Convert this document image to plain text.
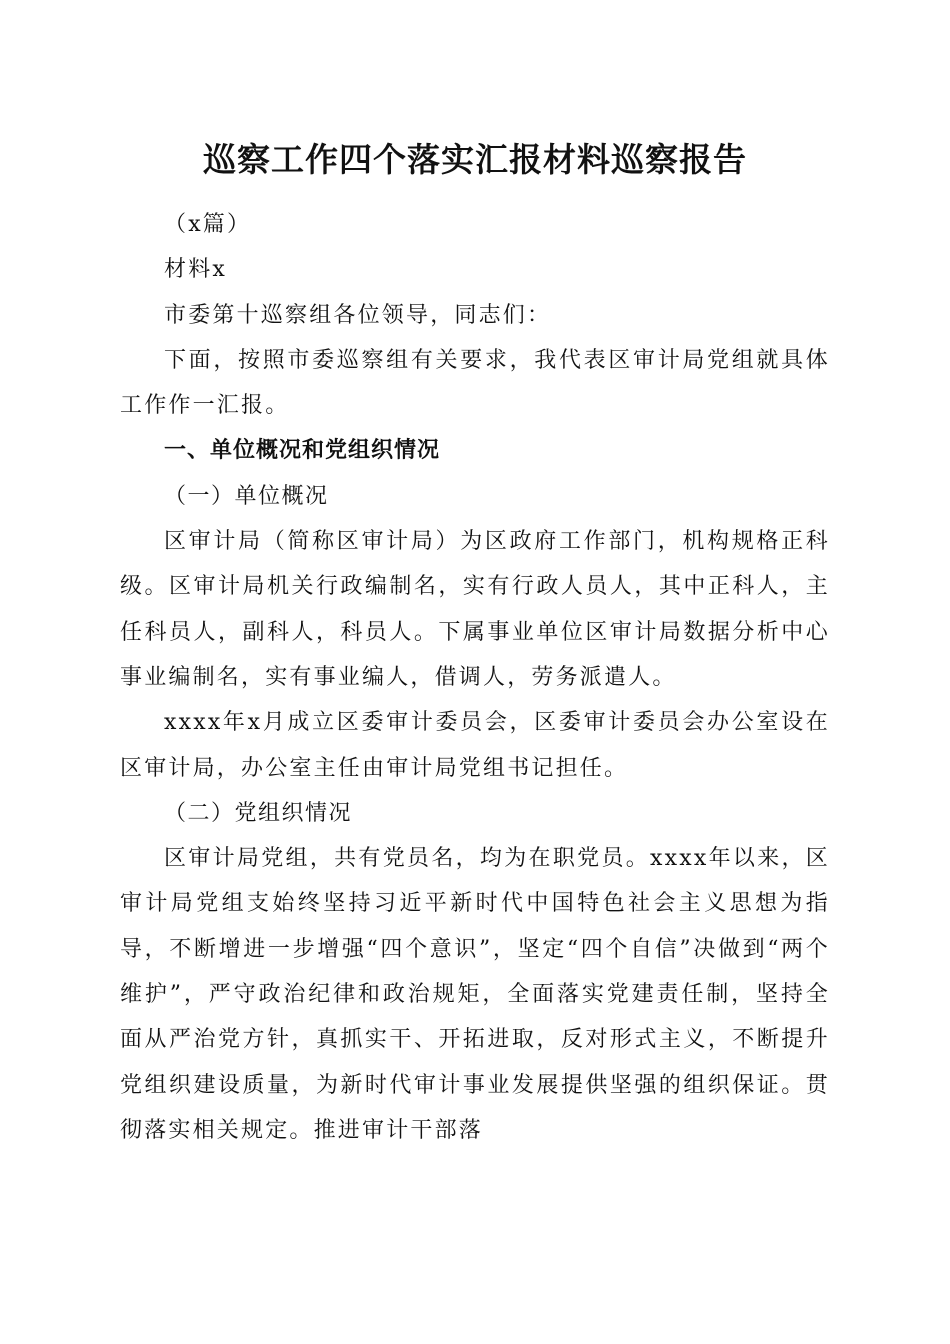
巡察工作四个落实汇报材料巡察报告

（x篇）

材料x

市委第十巡察组各位领导，同志们：

下面，按照市委巡察组有关要求，我代表区审计局党组就具体工作作一汇报。

一、单位概况和党组织情况

（一）单位概况

区审计局（简称区审计局）为区政府工作部门，机构规格正科级。区审计局机关行政编制名，实有行政人员人，其中正科人，主任科员人，副科人，科员人。下属事业单位区审计局数据分析中心事业编制名，实有事业编人，借调人，劳务派遣人。

xxxx年x月成立区委审计委员会，区委审计委员会办公室设在区审计局，办公室主任由审计局党组书记担任。

（二）党组织情况

区审计局党组，共有党员名，均为在职党员。xxxx年以来，区审计局党组支始终坚持习近平新时代中国特色社会主义思想为指导，不断增进一步增强“四个意识”，坚定“四个自信”决做到“两个维护”，严守政治纪律和政治规矩，全面落实党建责任制，坚持全面从严治党方针，真抓实干、开拓进取，反对形式主义，不断提升党组织建设质量，为新时代审计事业发展提供坚强的组织保证。贯彻落实相关规定。推进审计干部落
